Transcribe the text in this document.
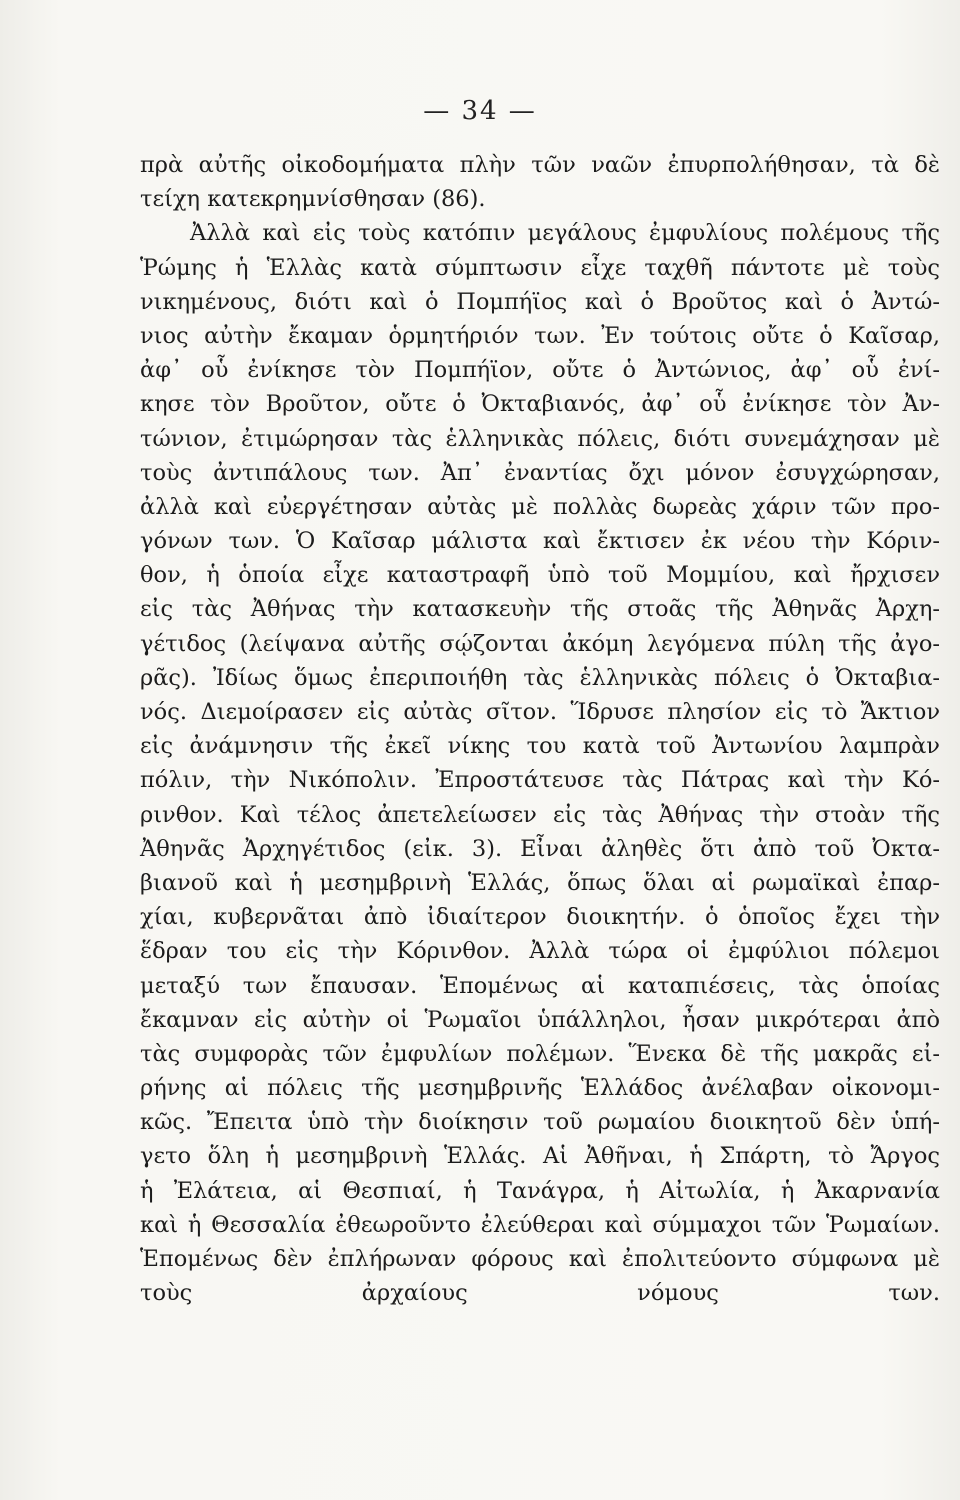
— 34 —
πρὰ αὐτῆς οἰκοδομήματα πλὴν τῶν ναῶν ἐπυρπολήθησαν, τὰ δὲ
τείχη κατεκρημνίσθησαν (86).
Ἀλλὰ καὶ εἰς τοὺς κατόπιν μεγάλους ἐμφυλίους πολέμους τῆς
Ῥώμης ἡ Ἑλλὰς κατὰ σύμπτωσιν εἶχε ταχθῆ πάντοτε μὲ τοὺς
νικημένους, διότι καὶ ὁ Πομπήϊος καὶ ὁ Βροῦτος καὶ ὁ Ἀντώ-
νιος αὐτὴν ἔκαμαν ὁρμητήριόν των. Ἐν τούτοις οὔτε ὁ Καῖσαρ,
ἀφ᾽ οὗ ἐνίκησε τὸν Πομπήϊον, οὔτε ὁ Ἀντώνιος, ἀφ᾽ οὗ ἐνί-
κησε τὸν Βροῦτον, οὔτε ὁ Ὀκταβιανός, ἀφ᾽ οὗ ἐνίκησε τὸν Ἀν-
τώνιον, ἐτιμώρησαν τὰς ἑλληνικὰς πόλεις, διότι συνεμάχησαν μὲ
τοὺς ἀντιπάλους των. Ἀπ᾽ ἐναντίας ὄχι μόνον ἐσυγχώρησαν,
ἀλλὰ καὶ εὐεργέτησαν αὐτὰς μὲ πολλὰς δωρεὰς χάριν τῶν προ-
γόνων των. Ὁ Καῖσαρ μάλιστα καὶ ἔκτισεν ἐκ νέου τὴν Κόριν-
θον, ἡ ὁποία εἶχε καταστραφῆ ὑπὸ τοῦ Μομμίου, καὶ ἤρχισεν
εἰς τὰς Ἀθήνας τὴν κατασκευὴν τῆς στοᾶς τῆς Ἀθηνᾶς Ἀρχη-
γέτιδος (λείψανα αὐτῆς σῴζονται ἀκόμη λεγόμενα πύλη τῆς ἀγο-
ρᾶς). Ἰδίως ὅμως ἐπεριποιήθη τὰς ἑλληνικὰς πόλεις ὁ Ὀκταβια-
νός. Διεμοίρασεν εἰς αὐτὰς σῖτον. Ἵδρυσε πλησίον εἰς τὸ Ἄκτιον
εἰς ἀνάμνησιν τῆς ἐκεῖ νίκης του κατὰ τοῦ Ἀντωνίου λαμπρὰν
πόλιν, τὴν Νικόπολιν. Ἐπροστάτευσε τὰς Πάτρας καὶ τὴν Κό-
ρινθον. Καὶ τέλος ἀπετελείωσεν εἰς τὰς Ἀθήνας τὴν στοὰν τῆς
Ἀθηνᾶς Ἀρχηγέτιδος (εἰκ. 3). Εἶναι ἀληθὲς ὅτι ἀπὸ τοῦ Ὀκτα-
βιανοῦ καὶ ἡ μεσημβρινὴ Ἑλλάς, ὅπως ὅλαι αἱ ρωμαϊκαὶ ἐπαρ-
χίαι, κυβερνᾶται ἀπὸ ἰδιαίτερον διοικητήν. ὁ ὁποῖος ἔχει τὴν
ἕδραν του εἰς τὴν Κόρινθον. Ἀλλὰ τώρα οἱ ἐμφύλιοι πόλεμοι
μεταξύ των ἔπαυσαν. Ἑπομένως αἱ καταπιέσεις, τὰς ὁποίας
ἔκαμναν εἰς αὐτὴν οἱ Ῥωμαῖοι ὑπάλληλοι, ἦσαν μικρότεραι ἀπὸ
τὰς συμφορὰς τῶν ἐμφυλίων πολέμων. Ἕνεκα δὲ τῆς μακρᾶς εἰ-
ρήνης αἱ πόλεις τῆς μεσημβρινῆς Ἑλλάδος ἀνέλαβαν οἰκονομι-
κῶς. Ἔπειτα ὑπὸ τὴν διοίκησιν τοῦ ρωμαίου διοικητοῦ δὲν ὑπή-
γετο ὅλη ἡ μεσημβρινὴ Ἑλλάς. Αἱ Ἀθῆναι, ἡ Σπάρτη, τὸ Ἄργος
ἡ Ἐλάτεια, αἱ Θεσπιαί, ἡ Τανάγρα, ἡ Αἰτωλία, ἡ Ἀκαρνανία
καὶ ἡ Θεσσαλία ἐθεωροῦντο ἐλεύθεραι καὶ σύμμαχοι τῶν Ῥωμαίων.
Ἑπομένως δὲν ἐπλήρωναν φόρους καὶ ἐπολιτεύοντο σύμφωνα μὲ
τοὺς ἀρχαίους νόμους των.
